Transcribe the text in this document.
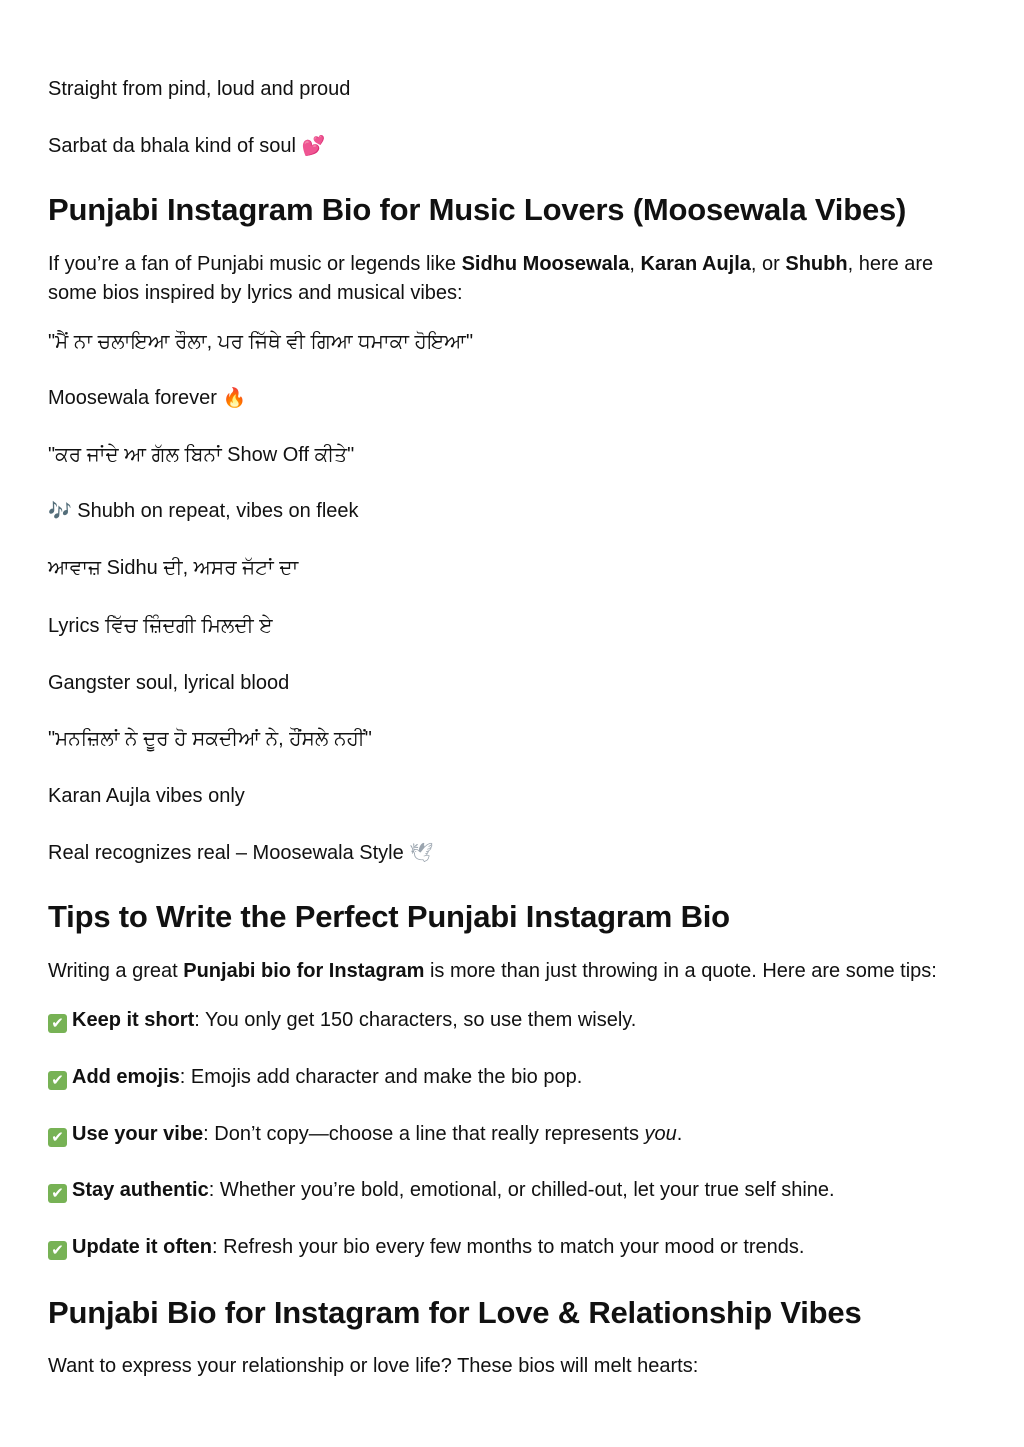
Straight from pind, loud and proud

Sarbat da bhala kind of soul 💕

Punjabi Instagram Bio for Music Lovers (Moosewala Vibes)

If you’re a fan of Punjabi music or legends like Sidhu Moosewala, Karan Aujla, or Shubh, here are some bios inspired by lyrics and musical vibes:

"ਮੈਂ ਨਾ ਚਲਾਇਆ ਰੌਲਾ, ਪਰ ਜਿੱਥੇ ਵੀ ਗਿਆ ਧਮਾਕਾ ਹੋਇਆ"

Moosewala forever 🔥

"ਕਰ ਜਾਂਦੇ ਆ ਗੱਲ ਬਿਨਾਂ Show Off ਕੀਤੇ"

🎶 Shubh on repeat, vibes on fleek

ਆਵਾਜ਼ Sidhu ਦੀ, ਅਸਰ ਜੱਟਾਂ ਦਾ

Lyrics ਵਿੱਚ ਜ਼ਿੰਦਗੀ ਮਿਲਦੀ ਏ

Gangster soul, lyrical blood

"ਮਨਜ਼ਿਲਾਂ ਨੇ ਦੂਰ ਹੋ ਸਕਦੀਆਂ ਨੇ, ਹੌਂਸਲੇ ਨਹੀਂ"

Karan Aujla vibes only

Real recognizes real – Moosewala Style 🕊

Tips to Write the Perfect Punjabi Instagram Bio

Writing a great Punjabi bio for Instagram is more than just throwing in a quote. Here are some tips:

✔ Keep it short: You only get 150 characters, so use them wisely.

✔ Add emojis: Emojis add character and make the bio pop.

✔ Use your vibe: Don’t copy—choose a line that really represents you.

✔ Stay authentic: Whether you’re bold, emotional, or chilled-out, let your true self shine.

✔ Update it often: Refresh your bio every few months to match your mood or trends.

Punjabi Bio for Instagram for Love & Relationship Vibes

Want to express your relationship or love life? These bios will melt hearts:
